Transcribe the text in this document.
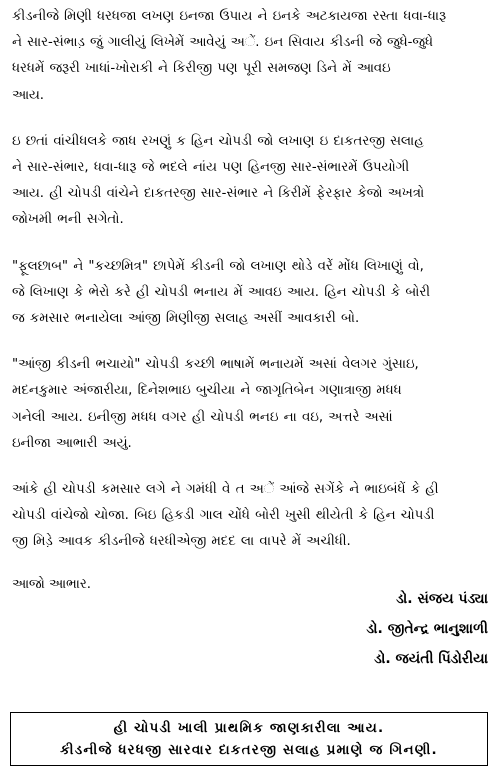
કીડનીજે મિણી ધરધજા લખણ ઇનજા ઉપાય ને ઇનકે અટકાયજા રસ્તા ધવા-ધારૂ
ને સાર-સંભાડ઼ જું ગાલીયું લિખેમેં આવેયું અેં. ઇન સિવાય કીડની જે જુધે-જુધે
ધરધમેં જરૂરી ખાધાં-ખોરાકી ને કિરીજી પણ પૂરી સમજણ ડિને મેં આવઇ
આય.
ઇ છતાં વાંચીધલકે જાધ રખણું ક હિન ચોપડી જો લખાણ ઇ દાકતરજી સલાહ
ને સાર-સંભાર, ધવા-ધારૂ જે ભદલે નાંય પણ હિનજી સાર-સંભારમેં ઉપયોગી
આય. હી ચોપડી વાંચેને દાકતરજી સાર-સંભાર ને કિરીમેં ફેરફાર કેજો અખત્રો
જોખમી ભની સગેતો.
"ફૂલછાબ" ને "કચ્છમિત્ર" છાપેમેં કીડની જો લખાણ થોડે વરેં મોંધ લિખાણું વો,
જે લિખાણ કે ભેરો કરે હી ચોપડી ભનાય મેં આવઇ આય. હિન ચોપડી કે બોરી
જ કમસાર ભનાયેલા આંજી મિણીજી સલાહ અસીં આવકારી બો.
"આંજી કીડની ભચાયો" ચોપડી કચ્છી ભાષામેં ભનાયમેં અસાં વેલગર ગુંસાઇ,
મદનકુમાર અંજારીયા, દિનેશભાઇ બુચીયા ને જાગૃતિબેન ગણાત્રાજી મધધ
ગનેલી આય. ઇનીજી મધધ વગર હી ચોપડી ભનઇ ના વઇ, અત્તરે અસાં
ઇનીજા આભારી અયું.
આંકે હી ચોપડી કમસાર લગે ને ગમંધી વે ત અેં આંજે સગેંકે ને ભાઇબંધેં કે હી
ચોપડી વાંચેજો ચોજા. બિઇ હિકડી ગાલ ચોંધે બોરી ખુસી થીયેતી કે હિન ચોપડી
જી મિડ઼ે આવક કીડનીજે ધરધીએજી મદદ લા વાપરે મેં અચીધી.
આજો આભાર.
ડો. સંજય પંડ્યા
ડો. જીતેન્દ્ર ભાનુશાળી
ડો. જયંતી પિંડોરીયા
હી ચોપડી ખાલી પ્રાથમિક જાણકારીલા આય.
કીડનીજે ધરધજી સારવાર દાકતરજી સલાહ પ્રમાણે જ ગિનણી.
